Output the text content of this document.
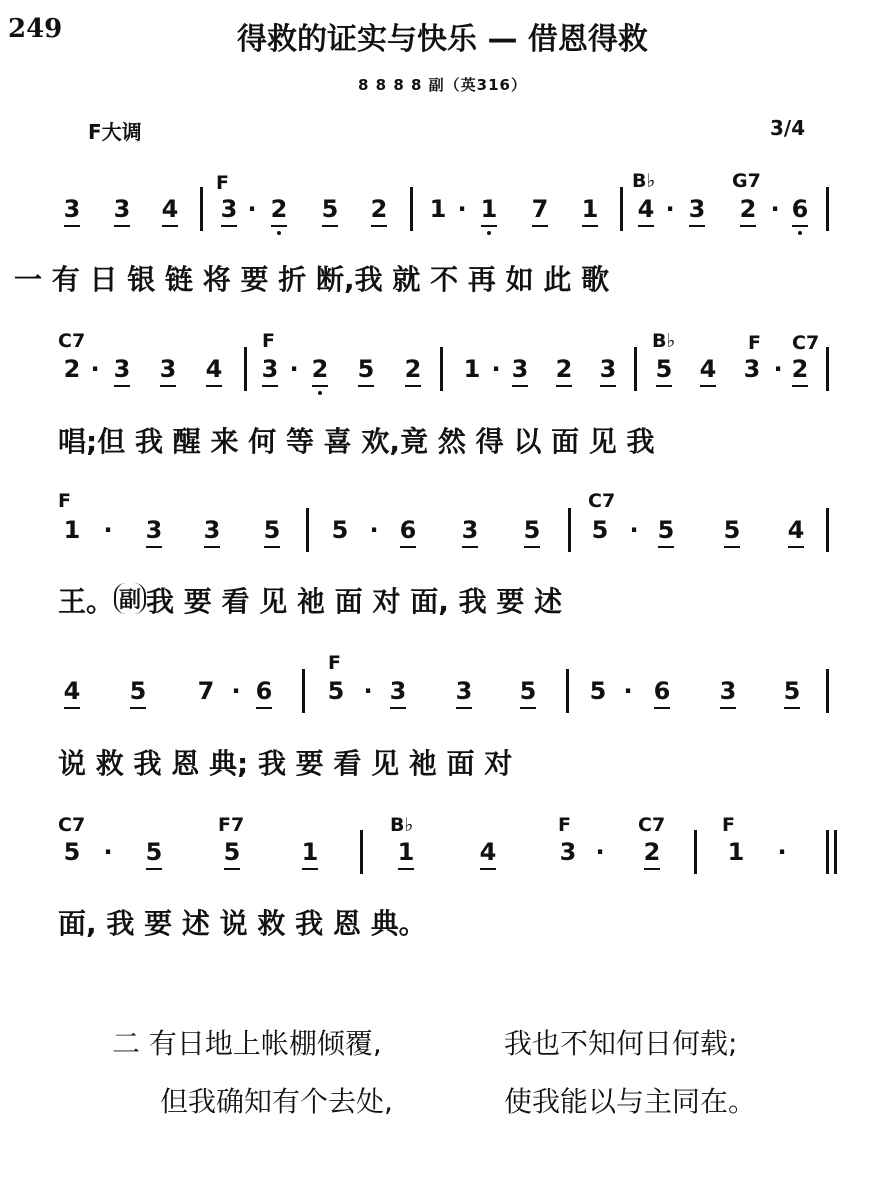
249	得救的证实与快乐 — 借恩得救
8 8 8 8 副（英316）
F大调	3/4
3 3 4 3 · 2 5 2 1 · 1 7 1 4 · 3 2 · 6
2 · 3 3 4 3 · 2 5 2 1 · 3 2 3 5 4 3 · 2
1 · 3 3 5 5 · 6 3 5 5 · 5 5 4
4 5 7 · 6 5 · 3 3 5 5 · 6 3 5
5 · 5	5	1	1	4	3 · 2	1 ·
F	B♭	G7
C7	F	B♭	F C7
F	C7
F
C7	F7	B♭	F	C7	F
一 有 日 银 链 将 要 折 断,我 就 不 再 如 此 歌
唱;但 我 醒 来 何 等 喜 欢,竟 然 得 以 面 见 我
王。 副 我 要 看 见 祂 面 对 面, 我 要 述
说 救 我 恩 典; 我 要 看 见 祂 面 对
面, 我 要 述 说 救 我 恩 典。
二 有日地上帐棚倾覆,	我也不知何日何载;
但我确知有个去处,	使我能以与主同在。
